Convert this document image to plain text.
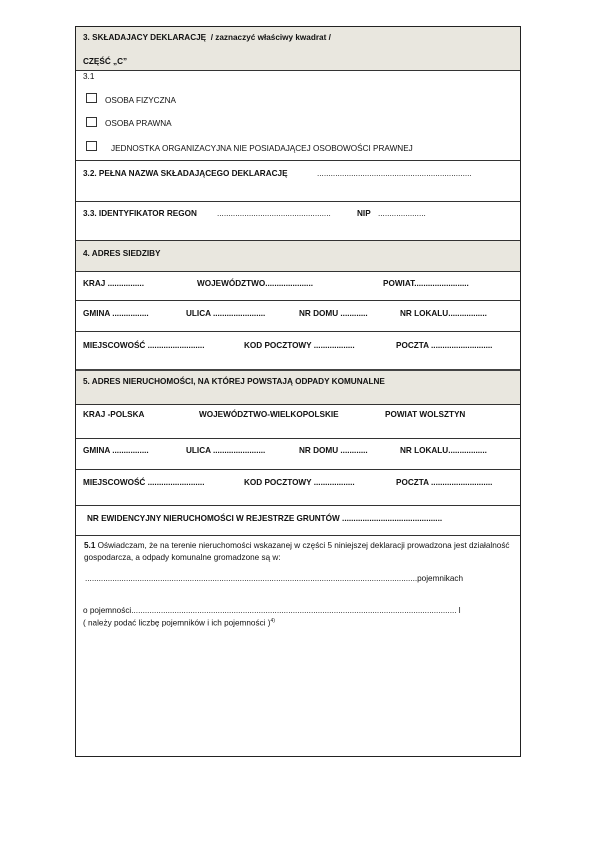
3. SKŁADAJACY DEKLARACJĘ / zaznaczyć właściwy kwadrat /
CZĘŚĆ „C”
3.1
OSOBA FIZYCZNA
OSOBA PRAWNA
JEDNOSTKA ORGANIZACYJNA NIE POSIADAJĄCEJ OSOBOWOŚCI PRAWNEJ
3.2. PEŁNA NAZWA SKŁADAJĄCEGO DEKLARACJĘ	....................................................................
3.3. IDENTYFIKATOR REGON ..................................................	NIP .....................
4. ADRES SIEDZIBY
KRAJ ................	WOJEWÓDZTWO.....................	POWIAT........................
GMINA ................	ULICA .......................	NR DOMU ............	NR LOKALU.................
MIEJSCOWOŚĆ .........................	KOD POCZTOWY ..................	POCZTA ...........................
5. ADRES NIERUCHOMOŚCI, NA KTÓREJ POWSTAJĄ ODPADY KOMUNALNE
KRAJ -POLSKA	WOJEWÓDZTWO-WIELKOPOLSKIE	POWIAT WOLSZTYN
GMINA ................	ULICA .......................	NR DOMU ............	NR LOKALU.................
MIEJSCOWOŚĆ .........................	KOD POCZTOWY ..................	POCZTA ...........................
NR EWIDENCYJNY NIERUCHOMOŚCI W REJESTRZE GRUNTÓW ............................................
5.1 Oświadczam, że na terenie nieruchomości wskazanej w części 5 niniejszej deklaracji prowadzona jest działalność gospodarcza, a odpady komunalne gromadzone są w:
..................................................................................................................................................pojemnikach
o pojemności............................................................................................................................................... l
( należy podać liczbę pojemników i ich pojemności )$^{4)}$
